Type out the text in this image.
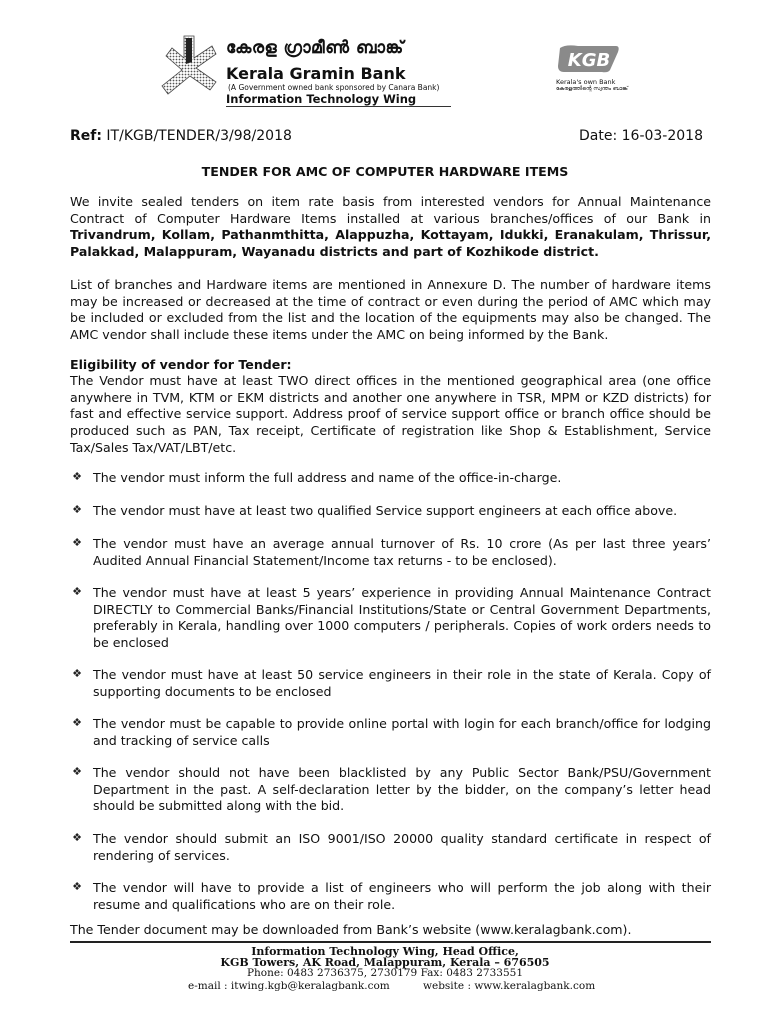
കേരള ഗ്രാമീൺ ബാങ്ക്
Kerala Gramin Bank
(A Government owned bank sponsored by Canara Bank)
Information Technology Wing
KGB
Kerala's own Bank
കേരളത്തിന്റെ സ്വന്തം ബാങ്ക്
Ref: IT/KGB/TENDER/3/98/2018	Date: 16-03-2018
TENDER FOR AMC OF COMPUTER HARDWARE ITEMS
We invite sealed tenders on item rate basis from interested vendors for Annual Maintenance Contract of Computer Hardware Items installed at various branches/offices of our Bank in Trivandrum, Kollam, Pathanmthitta, Alappuzha, Kottayam, Idukki, Eranakulam, Thrissur, Palakkad, Malappuram, Wayanadu districts and part of Kozhikode district.
List of branches and Hardware items are mentioned in Annexure D. The number of hardware items may be increased or decreased at the time of contract or even during the period of AMC which may be included or excluded from the list and the location of the equipments may also be changed. The AMC vendor shall include these items under the AMC on being informed by the Bank.
Eligibility of vendor for Tender:
The Vendor must have at least TWO direct offices in the mentioned geographical area (one office anywhere in TVM, KTM or EKM districts and another one anywhere in TSR, MPM or KZD districts) for fast and effective service support. Address proof of service support office or branch office should be produced such as PAN, Tax receipt, Certificate of registration like Shop & Establishment, Service Tax/Sales Tax/VAT/LBT/etc.
❖ The vendor must inform the full address and name of the office-in-charge.
❖ The vendor must have at least two qualified Service support engineers at each office above.
❖ The vendor must have an average annual turnover of Rs. 10 crore (As per last three years’ Audited Annual Financial Statement/Income tax returns - to be enclosed).
❖ The vendor must have at least 5 years’ experience in providing Annual Maintenance Contract DIRECTLY to Commercial Banks/Financial Institutions/State or Central Government Departments, preferably in Kerala, handling over 1000 computers / peripherals. Copies of work orders needs to be enclosed
❖ The vendor must have at least 50 service engineers in their role in the state of Kerala. Copy of supporting documents to be enclosed
❖ The vendor must be capable to provide online portal with login for each branch/office for lodging and tracking of service calls
❖ The vendor should not have been blacklisted by any Public Sector Bank/PSU/Government Department in the past. A self-declaration letter by the bidder, on the company’s letter head should be submitted along with the bid.
❖ The vendor should submit an ISO 9001/ISO 20000 quality standard certificate in respect of rendering of services.
❖ The vendor will have to provide a list of engineers who will perform the job along with their resume and qualifications who are on their role.
The Tender document may be downloaded from Bank’s website (www.keralagbank.com).
Information Technology Wing, Head Office,
KGB Towers, AK Road, Malappuram, Kerala – 676505
Phone: 0483 2736375, 2730179 Fax: 0483 2733551
e-mail : itwing.kgb@keralagbank.com	website : www.keralagbank.com
